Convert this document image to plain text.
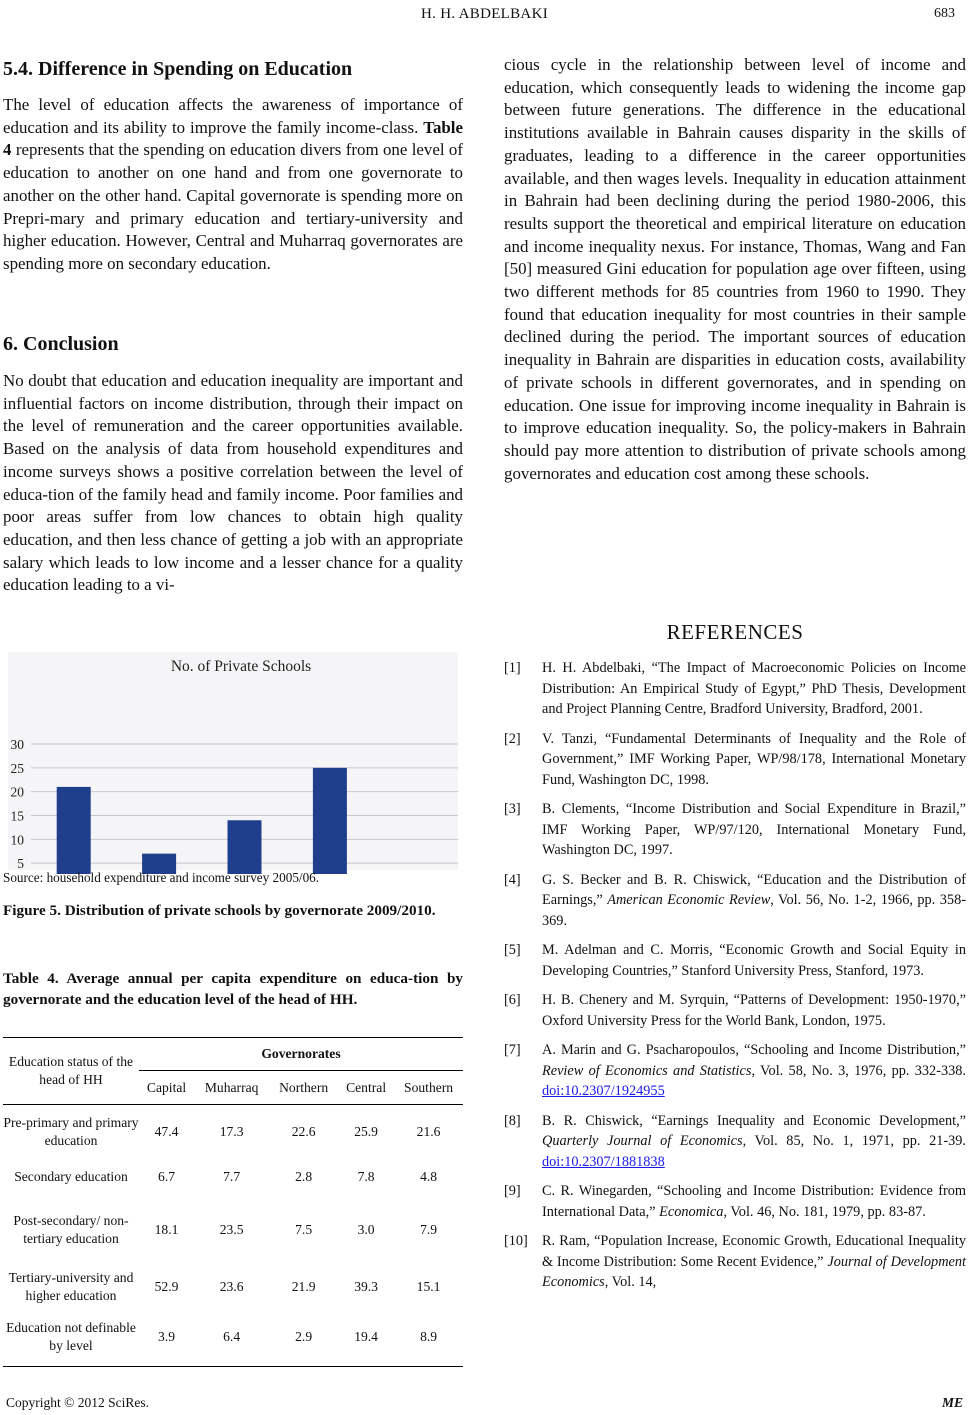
H. H. ABDELBAKI	683
5.4. Difference in Spending on Education

The level of education affects the awareness of importance of education and its ability to improve the family income-class. Table 4 represents that the spending on education divers from one level of education to another on one hand and from one governorate to another on the other hand. Capital governorate is spending more on Prepri-mary and primary education and tertiary-university and higher education. However, Central and Muharraq governorates are spending more on secondary education.

6. Conclusion

No doubt that education and education inequality are important and influential factors on income distribution, through their impact on the level of remuneration and the career opportunities available. Based on the analysis of data from household expenditures and income surveys shows a positive correlation between the level of educa-tion of the family head and family income. Poor families and poor areas suffer from low chances to obtain high quality education, and then less chance of getting a job with an appropriate salary which leads to low income and a lesser chance for a quality education leading to a vi-

No. of Private Schools
5
10
15
20
25
30
Source: household expenditure and income survey 2005/06.
Figure 5. Distribution of private schools by governorate 2009/2010.
Table 4. Average annual per capita expenditure on educa-tion by governorate and the education level of the head of HH.
Education status of the head of HH	Governorates				
	Capital	Muharraq	Northern	Central	Southern
Pre-primary and primary education	47.4	17.3	22.6	25.9	21.6
Secondary education	6.7	7.7	2.8	7.8	4.8
Post-secondary/ non-tertiary education	18.1	23.5	7.5	3.0	7.9
Tertiary-university and higher education	52.9	23.6	21.9	39.3	15.1
Education not definable by level	3.9	6.4	2.9	19.4	8.9

cious cycle in the relationship between level of income and education, which consequently leads to widening the income gap between future generations. The difference in the educational institutions available in Bahrain causes disparity in the skills of graduates, leading to a difference in the career opportunities available, and then wages levels. Inequality in education attainment in Bahrain had been declining during the period 1980-2006, this results support the theoretical and empirical literature on education and income inequality nexus. For instance, Thomas, Wang and Fan [50] measured Gini education for population age over fifteen, using two different methods for 85 countries from 1960 to 1990. They found that education inequality for most countries in their sample declined during the period. The important sources of education inequality in Bahrain are disparities in education costs, availability of private schools in different governorates, and in spending on education. One issue for improving income inequality in Bahrain is to improve education inequality. So, the policy-makers in Bahrain should pay more attention to distribution of private schools among governorates and education cost among these schools.

REFERENCES
[1]	H. H. Abdelbaki, “The Impact of Macroeconomic Policies on Income Distribution: An Empirical Study of Egypt,” PhD Thesis, Development and Project Planning Centre, Bradford University, Bradford, 2001.
[2]	V. Tanzi, “Fundamental Determinants of Inequality and the Role of Government,” IMF Working Paper, WP/98/178, International Monetary Fund, Washington DC, 1998.
[3]	B. Clements, “Income Distribution and Social Expenditure in Brazil,” IMF Working Paper, WP/97/120, International Monetary Fund, Washington DC, 1997.
[4]	G. S. Becker and B. R. Chiswick, “Education and the Distribution of Earnings,” American Economic Review, Vol. 56, No. 1-2, 1966, pp. 358-369.
[5]	M. Adelman and C. Morris, “Economic Growth and Social Equity in Developing Countries,” Stanford University Press, Stanford, 1973.
[6]	H. B. Chenery and M. Syrquin, “Patterns of Development: 1950-1970,” Oxford University Press for the World Bank, London, 1975.
[7]	A. Marin and G. Psacharopoulos, “Schooling and Income Distribution,” Review of Economics and Statistics, Vol. 58, No. 3, 1976, pp. 332-338. doi:10.2307/1924955
[8]	B. R. Chiswick, “Earnings Inequality and Economic Development,” Quarterly Journal of Economics, Vol. 85, No. 1, 1971, pp. 21-39. doi:10.2307/1881838
[9]	C. R. Winegarden, “Schooling and Income Distribution: Evidence from International Data,” Economica, Vol. 46, No. 181, 1979, pp. 83-87.
[10] R. Ram, “Population Increase, Economic Growth, Educational Inequality & Income Distribution: Some Recent Evidence,” Journal of Development Economics, Vol. 14,
Copyright © 2012 SciRes.	ME
